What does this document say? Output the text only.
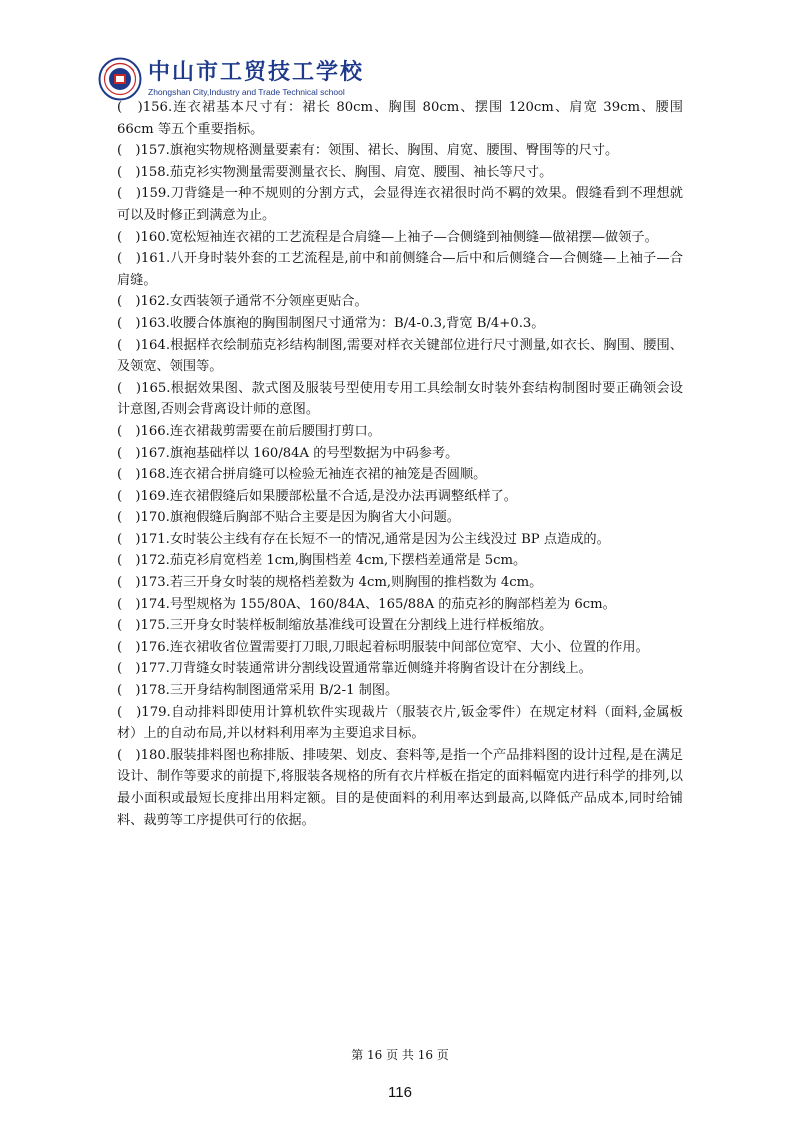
中山市工贸技工学校
Zhongshan City,Industry and Trade Technical school
(　)156.连衣裙基本尺寸有：裙长 80cm、胸围 80cm、摆围 120cm、肩宽 39cm、腰围 66cm 等五个重要指标。
(　)157.旗袍实物规格测量要素有：领围、裙长、胸围、肩宽、腰围、臀围等的尺寸。
(　)158.茄克衫实物测量需要测量衣长、胸围、肩宽、腰围、袖长等尺寸。
(　)159.刀背缝是一种不规则的分割方式，会显得连衣裙很时尚不羁的效果。假缝看到不理想就可以及时修正到满意为止。
(　)160.宽松短袖连衣裙的工艺流程是合肩缝—上袖子—合侧缝到袖侧缝—做裙摆—做领子。
(　)161.八开身时装外套的工艺流程是,前中和前侧缝合—后中和后侧缝合—合侧缝—上袖子—合肩缝。
(　)162.女西装领子通常不分领座更贴合。
(　)163.收腰合体旗袍的胸围制图尺寸通常为：B/4-0.3,背宽 B/4+0.3。
(　)164.根据样衣绘制茄克衫结构制图,需要对样衣关键部位进行尺寸测量,如衣长、胸围、腰围、及领宽、领围等。
(　)165.根据效果图、款式图及服装号型使用专用工具绘制女时装外套结构制图时要正确领会设计意图,否则会背离设计师的意图。
(　)166.连衣裙裁剪需要在前后腰围打剪口。
(　)167.旗袍基础样以 160/84A 的号型数据为中码参考。
(　)168.连衣裙合拼肩缝可以检验无袖连衣裙的袖笼是否圆顺。
(　)169.连衣裙假缝后如果腰部松量不合适,是没办法再调整纸样了。
(　)170.旗袍假缝后胸部不贴合主要是因为胸省大小问题。
(　)171.女时装公主线有存在长短不一的情况,通常是因为公主线没过 BP 点造成的。
(　)172.茄克衫肩宽档差 1cm,胸围档差 4cm,下摆档差通常是 5cm。
(　)173.若三开身女时装的规格档差数为 4cm,则胸围的推档数为 4cm。
(　)174.号型规格为 155/80A、160/84A、165/88A 的茄克衫的胸部档差为 6cm。
(　)175.三开身女时装样板制缩放基准线可设置在分割线上进行样板缩放。
(　)176.连衣裙收省位置需要打刀眼,刀眼起着标明服装中间部位宽窄、大小、位置的作用。
(　)177.刀背缝女时装通常讲分割线设置通常靠近侧缝并将胸省设计在分割线上。
(　)178.三开身结构制图通常采用 B/2-1 制图。
(　)179.自动排料即使用计算机软件实现裁片（服装衣片,钣金零件）在规定材料（面料,金属板材）上的自动布局,并以材料利用率为主要追求目标。
(　)180.服装排料图也称排版、排唛架、划皮、套料等,是指一个产品排料图的设计过程,是在满足设计、制作等要求的前提下,将服装各规格的所有衣片样板在指定的面料幅宽内进行科学的排列,以最小面积或最短长度排出用料定额。目的是使面料的利用率达到最高,以降低产品成本,同时给铺料、裁剪等工序提供可行的依据。
第 16 页 共 16 页
116
